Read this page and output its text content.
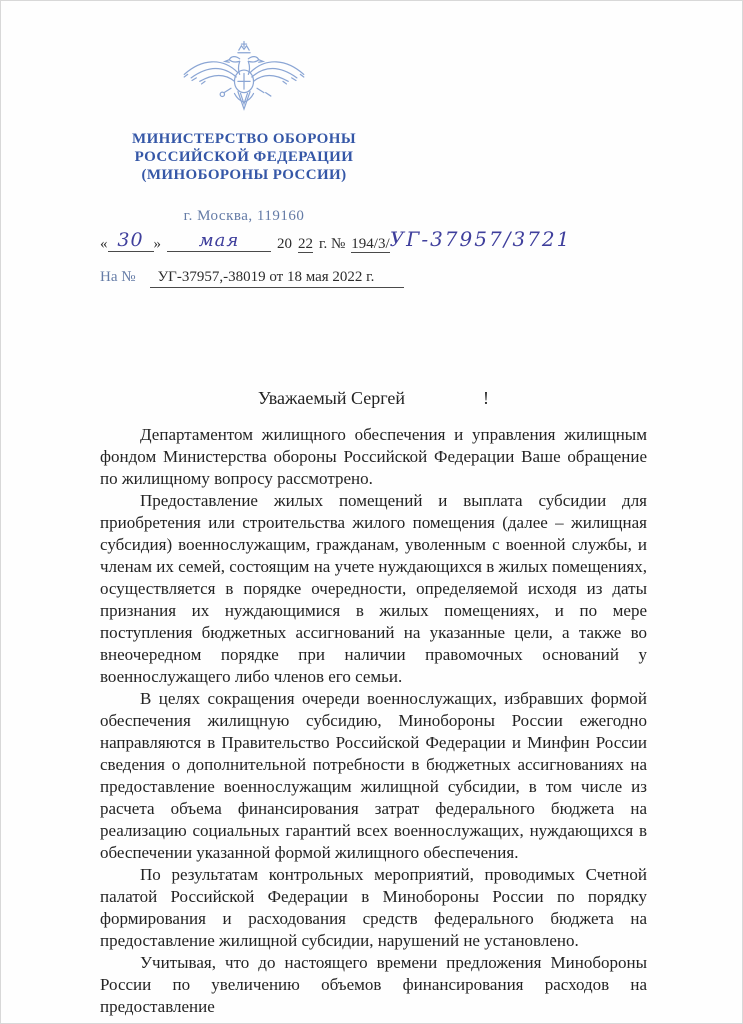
МИНИСТЕРСТВО ОБОРОНЫ
РОССИЙСКОЙ ФЕДЕРАЦИИ
(МИНОБОРОНЫ РОССИИ)
г. Москва, 119160
« 30 » мая	20 22 г. № 194/3/УГ-37957/3721
На № УГ-37957,-38019 от 18 мая 2022 г.
Уважаемый Сергей	!

Департаментом жилищного обеспечения и управления жилищным фондом Министерства обороны Российской Федерации Ваше обращение по жилищному вопросу рассмотрено.

Предоставление жилых помещений и выплата субсидии для приобретения или строительства жилого помещения (далее – жилищная субсидия) военнослужащим, гражданам, уволенным с военной службы, и членам их семей, состоящим на учете нуждающихся в жилых помещениях, осуществляется в порядке очередности, определяемой исходя из даты признания их нуждающимися в жилых помещениях, и по мере поступления бюджетных ассигнований на указанные цели, а также во внеочередном порядке при наличии правомочных оснований у военнослужащего либо членов его семьи.

В целях сокращения очереди военнослужащих, избравших формой обеспечения жилищную субсидию, Минобороны России ежегодно направляются в Правительство Российской Федерации и Минфин России сведения о дополнительной потребности в бюджетных ассигнованиях на предоставление военнослужащим жилищной субсидии, в том числе из расчета объема финансирования затрат федерального бюджета на реализацию социальных гарантий всех военнослужащих, нуждающихся в обеспечении указанной формой жилищного обеспечения.

По результатам контрольных мероприятий, проводимых Счетной палатой Российской Федерации в Минобороны России по порядку формирования и расходования средств федерального бюджета на предоставление жилищной субсидии, нарушений не установлено.

Учитывая, что до настоящего времени предложения Минобороны России по увеличению объемов финансирования расходов на предоставление
